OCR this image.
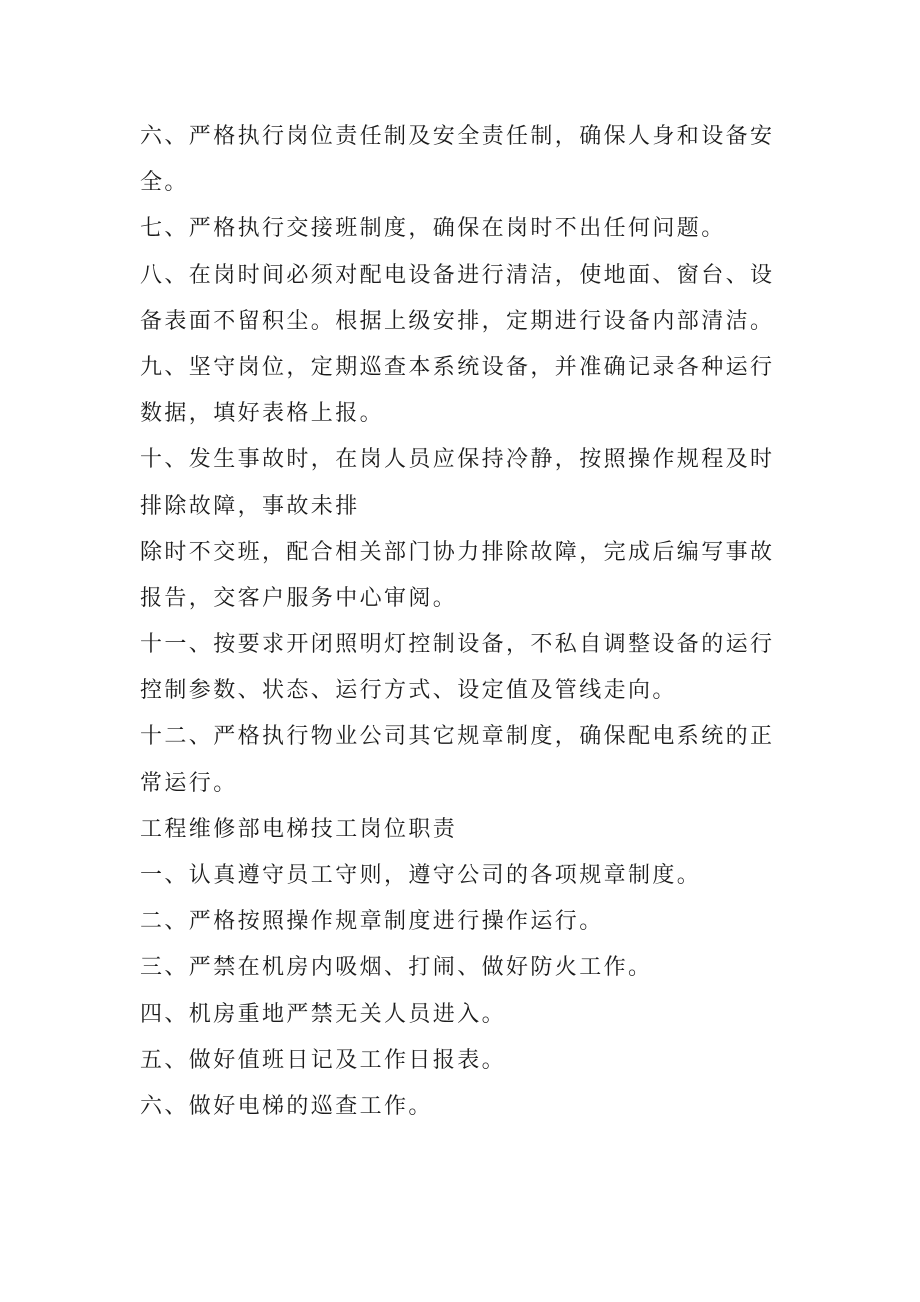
六、严格执行岗位责任制及安全责任制，确保人身和设备安
全。
七、严格执行交接班制度，确保在岗时不出任何问题。
八、在岗时间必须对配电设备进行清洁，使地面、窗台、设
备表面不留积尘。根据上级安排，定期进行设备内部清洁。
九、坚守岗位，定期巡查本系统设备，并准确记录各种运行
数据，填好表格上报。
十、发生事故时，在岗人员应保持冷静，按照操作规程及时
排除故障，事故未排
除时不交班，配合相关部门协力排除故障，完成后编写事故
报告，交客户服务中心审阅。
十一、按要求开闭照明灯控制设备，不私自调整设备的运行
控制参数、状态、运行方式、设定值及管线走向。
十二、严格执行物业公司其它规章制度，确保配电系统的正
常运行。
工程维修部电梯技工岗位职责
一、认真遵守员工守则，遵守公司的各项规章制度。
二、严格按照操作规章制度进行操作运行。
三、严禁在机房内吸烟、打闹、做好防火工作。
四、机房重地严禁无关人员进入。
五、做好值班日记及工作日报表。
六、做好电梯的巡查工作。
